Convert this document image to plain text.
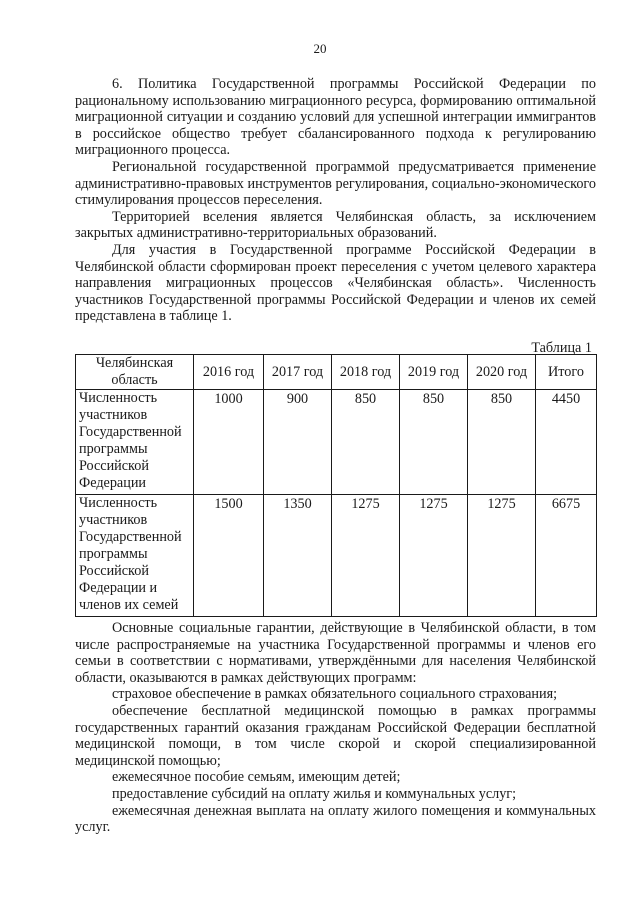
20

6. Политика Государственной программы Российской Федерации по рациональному использованию миграционного ресурса, формированию оптимальной миграционной ситуации и созданию условий для успешной интеграции иммигрантов в российское общество требует сбалансированного подхода к регулированию миграционного процесса.

Региональной государственной программой предусматривается применение административно-правовых инструментов регулирования, социально-экономического стимулирования процессов переселения.

Территорией вселения является Челябинская область, за исключением закрытых административно-территориальных образований.

Для участия в Государственной программе Российской Федерации в Челябинской области сформирован проект переселения с учетом целевого характера направления миграционных процессов «Челябинская область». Численность участников Государственной программы Российской Федерации и членов их семей представлена в таблице 1.

Таблица 1
Челябинская область	2016 год	2017 год	2018 год	2019 год	2020 год	Итого
Численность участников Государственной программы Российской Федерации	1000	900	850	850	850	4450
Численность участников Государственной программы Российской Федерации и членов их семей	1500	1350	1275	1275	1275	6675

Основные социальные гарантии, действующие в Челябинской области, в том числе распространяемые на участника Государственной программы и членов его семьи в соответствии с нормативами, утверждёнными для населения Челябинской области, оказываются в рамках действующих программ:

страховое обеспечение в рамках обязательного социального страхования;

обеспечение бесплатной медицинской помощью в рамках программы государственных гарантий оказания гражданам Российской Федерации бесплатной медицинской помощи, в том числе скорой и скорой специализированной медицинской помощью;

ежемесячное пособие семьям, имеющим детей;

предоставление субсидий на оплату жилья и коммунальных услуг;

ежемесячная денежная выплата на оплату жилого помещения и коммунальных услуг.
